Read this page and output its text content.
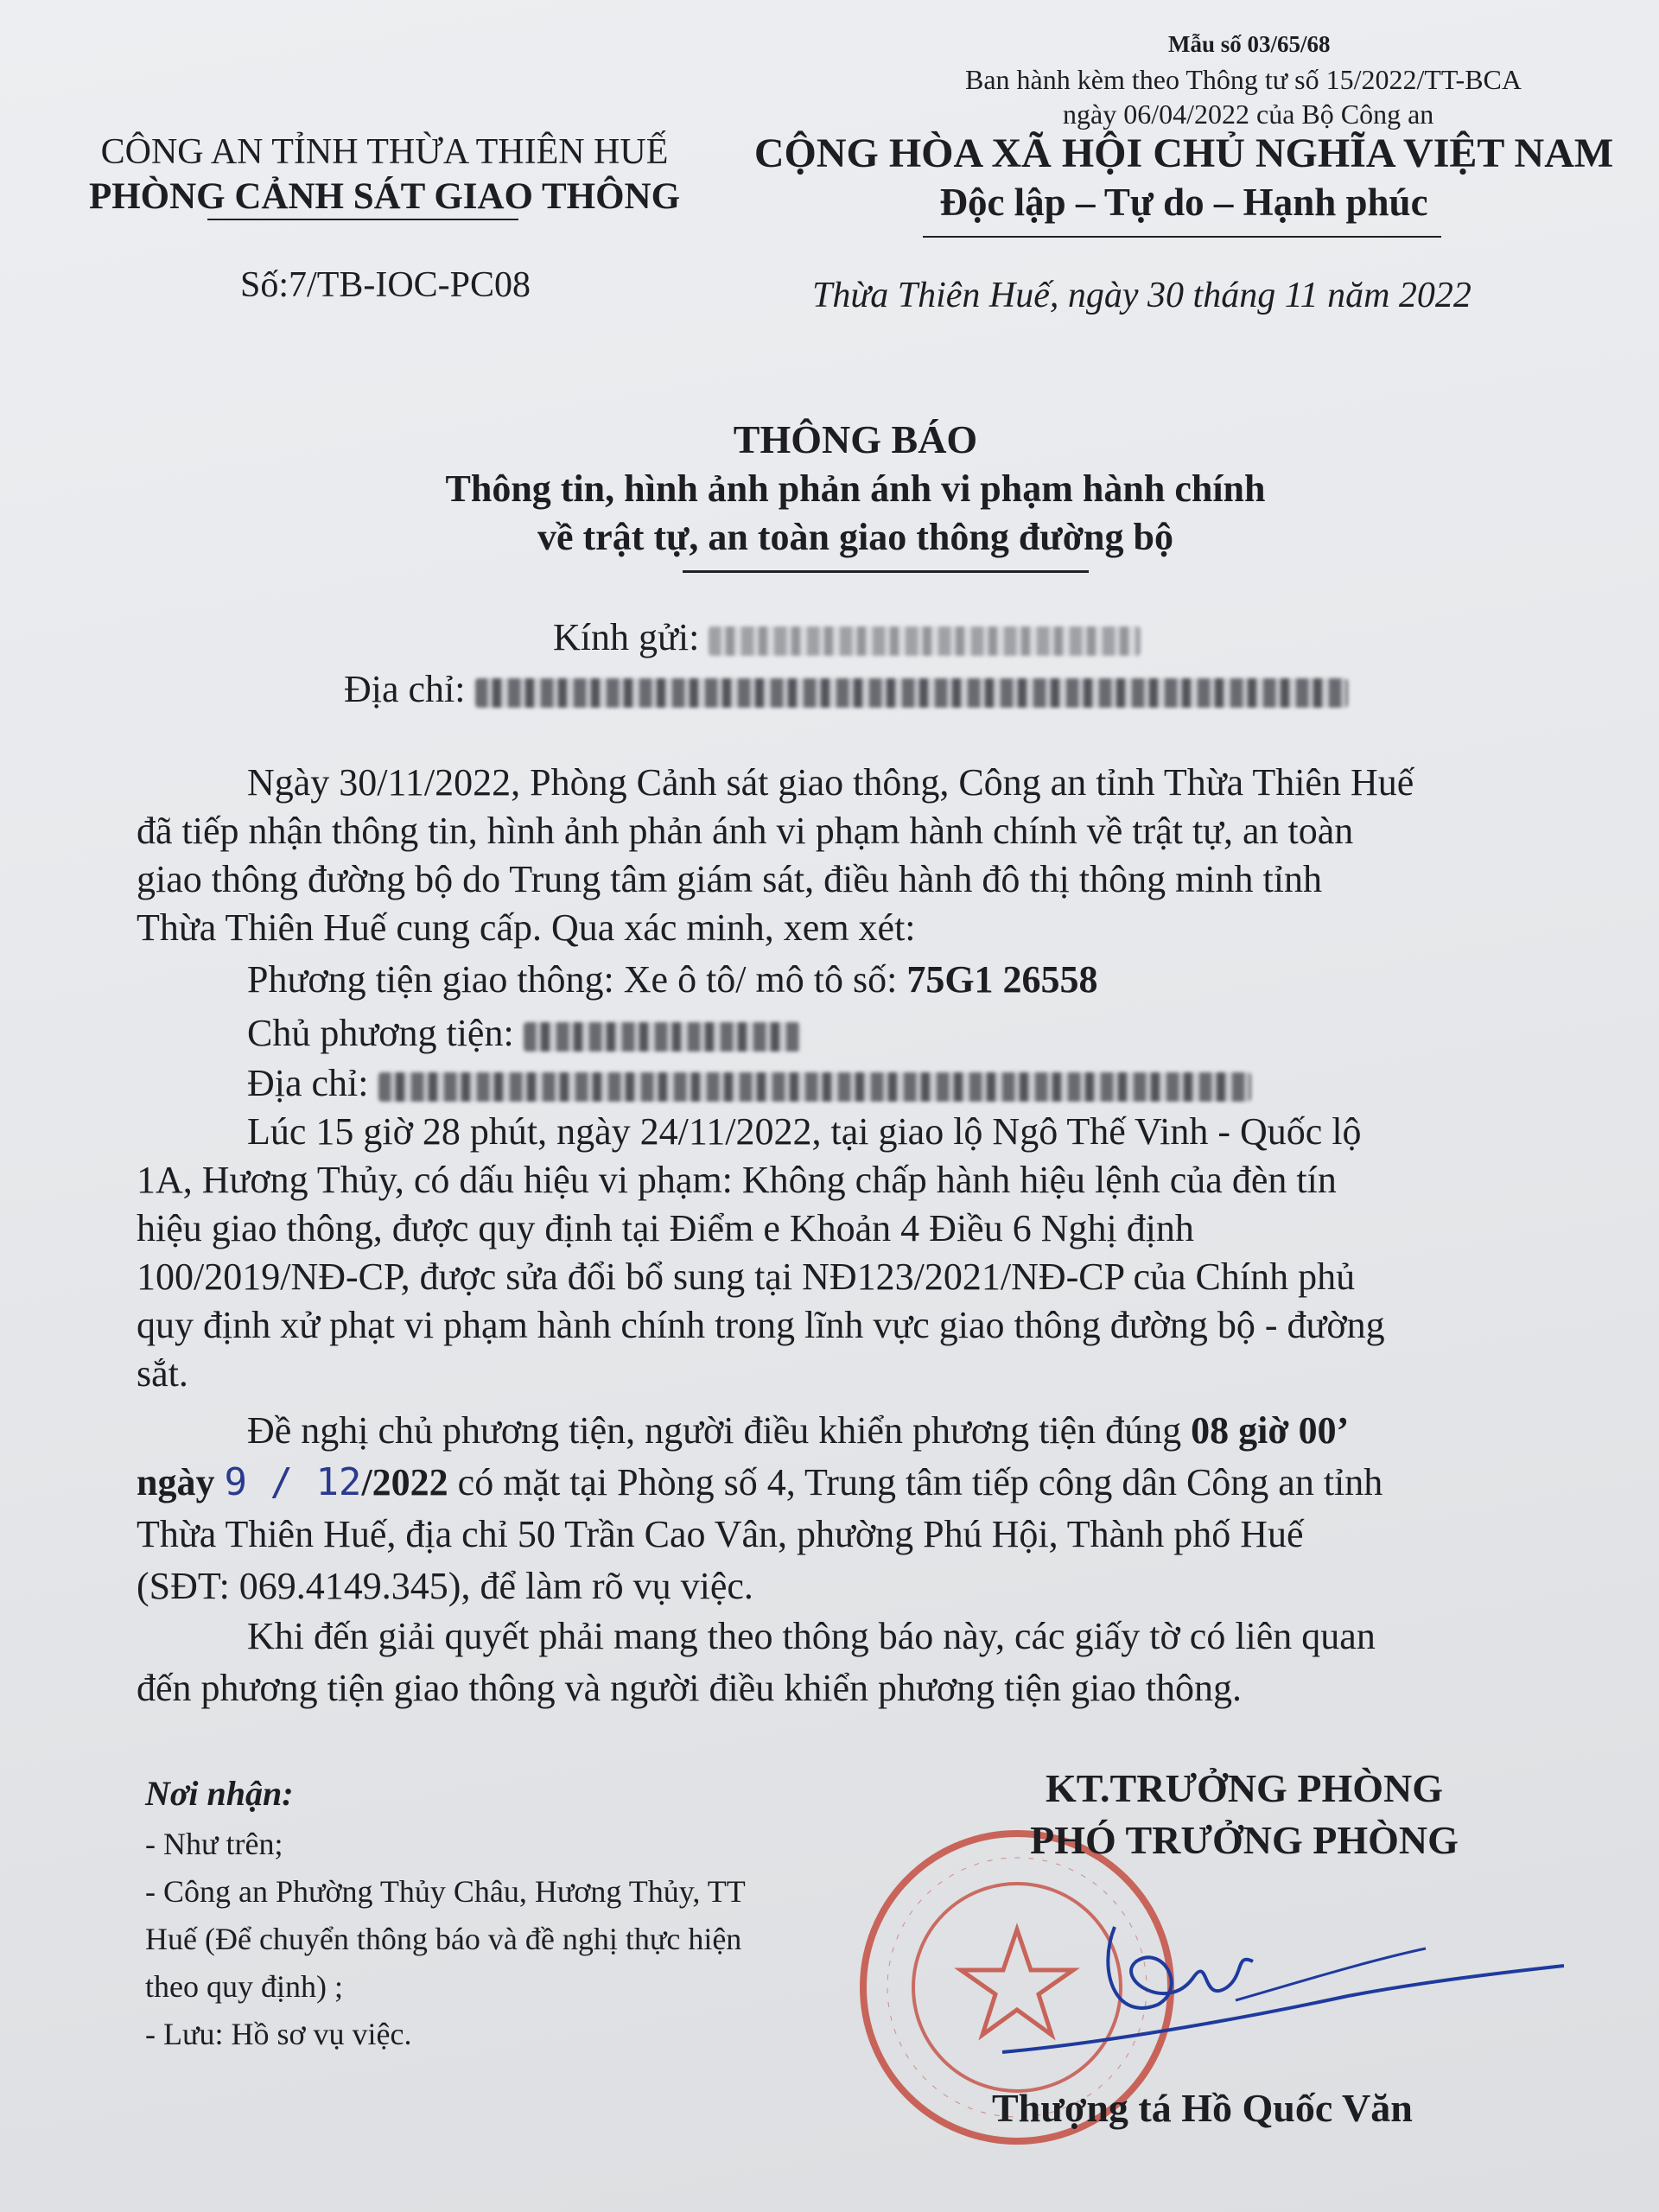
Mẫu số 03/65/68
Ban hành kèm theo Thông tư số 15/2022/TT-BCA
ngày 06/04/2022 của Bộ Công an
CÔNG AN TỈNH THỪA THIÊN HUẾ
PHÒNG CẢNH SÁT GIAO THÔNG
CỘNG HÒA XÃ HỘI CHỦ NGHĨA VIỆT NAM
Độc lập – Tự do – Hạnh phúc
Số:7/TB-IOC-PC08	Thừa Thiên Huế, ngày 30 tháng 11 năm 2022
THÔNG BÁO
Thông tin, hình ảnh phản ánh vi phạm hành chính
về trật tự, an toàn giao thông đường bộ
Kính gửi:
Địa chỉ:
Ngày 30/11/2022, Phòng Cảnh sát giao thông, Công an tỉnh Thừa Thiên Huế
đã tiếp nhận thông tin, hình ảnh phản ánh vi phạm hành chính về trật tự, an toàn
giao thông đường bộ do Trung tâm giám sát, điều hành đô thị thông minh tỉnh
Thừa Thiên Huế cung cấp. Qua xác minh, xem xét:
Phương tiện giao thông: Xe ô tô/ mô tô số: 75G1 26558
Chủ phương tiện:
Địa chỉ:
Lúc 15 giờ 28 phút, ngày 24/11/2022, tại giao lộ Ngô Thế Vinh - Quốc lộ
1A, Hương Thủy, có dấu hiệu vi phạm: Không chấp hành hiệu lệnh của đèn tín
hiệu giao thông, được quy định tại Điểm e Khoản 4 Điều 6 Nghị định
100/2019/NĐ-CP, được sửa đổi bổ sung tại NĐ123/2021/NĐ-CP của Chính phủ
quy định xử phạt vi phạm hành chính trong lĩnh vực giao thông đường bộ - đường
sắt.
Đề nghị chủ phương tiện, người điều khiển phương tiện đúng 08 giờ 00’
ngày 9 / 12/2022 có mặt tại Phòng số 4, Trung tâm tiếp công dân Công an tỉnh
Thừa Thiên Huế, địa chỉ 50 Trần Cao Vân, phường Phú Hội, Thành phố Huế
(SĐT: 069.4149.345), để làm rõ vụ việc.
Khi đến giải quyết phải mang theo thông báo này, các giấy tờ có liên quan
đến phương tiện giao thông và người điều khiển phương tiện giao thông.
Nơi nhận:
- Như trên;
- Công an Phường Thủy Châu, Hương Thủy, TT
Huế (Để chuyển thông báo và đề nghị thực hiện
theo quy định) ;
- Lưu: Hồ sơ vụ việc.
KT.TRƯỞNG PHÒNG
PHÓ TRƯỞNG PHÒNG
Thượng tá Hồ Quốc Văn
